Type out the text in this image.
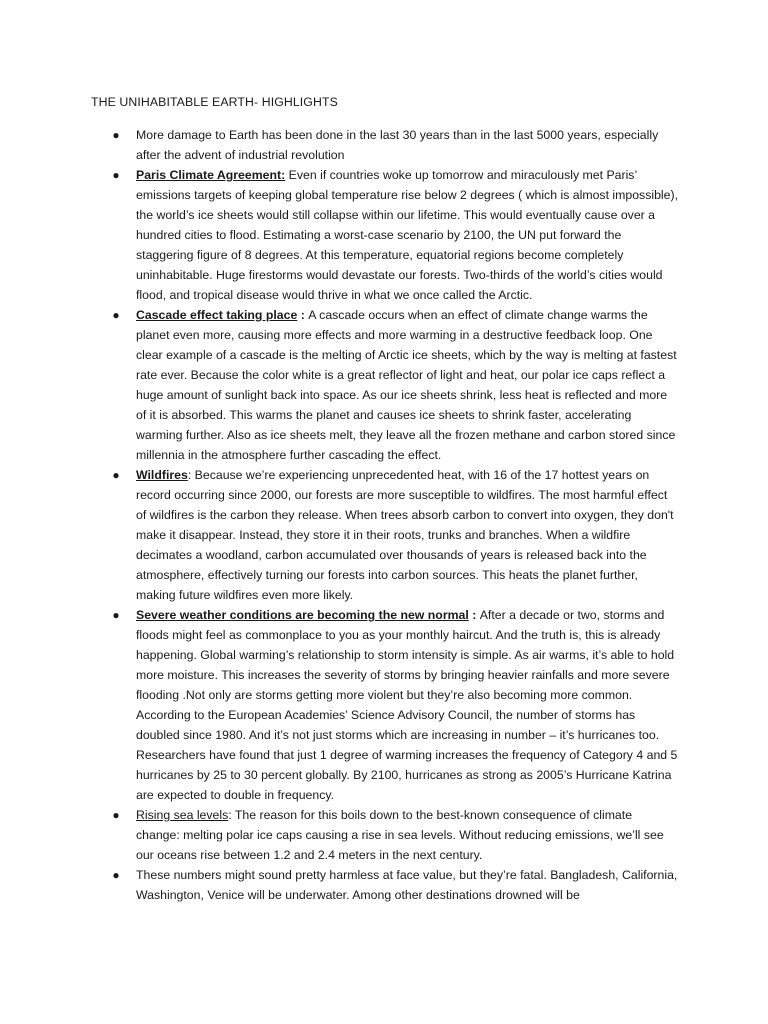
THE UNIHABITABLE EARTH- HIGHLIGHTS
● More damage to Earth has been done in the last 30 years than in the last 5000 years, especially after the advent of industrial revolution
● Paris Climate Agreement: Even if countries woke up tomorrow and miraculously met Paris’ emissions targets of keeping global temperature rise below 2 degrees ( which is almost impossible), the world’s ice sheets would still collapse within our lifetime. This would eventually cause over a hundred cities to flood. Estimating a worst-case scenario by 2100, the UN put forward the staggering figure of 8 degrees. At this temperature, equatorial regions become completely uninhabitable. Huge firestorms would devastate our forests. Two-thirds of the world’s cities would flood, and tropical disease would thrive in what we once called the Arctic.
● Cascade effect taking place : A cascade occurs when an effect of climate change warms the planet even more, causing more effects and more warming in a destructive feedback loop. One clear example of a cascade is the melting of Arctic ice sheets, which by the way is melting at fastest rate ever. Because the color white is a great reflector of light and heat, our polar ice caps reflect a huge amount of sunlight back into space. As our ice sheets shrink, less heat is reflected and more of it is absorbed. This warms the planet and causes ice sheets to shrink faster, accelerating warming further. Also as ice sheets melt, they leave all the frozen methane and carbon stored since millennia in the atmosphere further cascading the effect.
● Wildfires: Because we’re experiencing unprecedented heat, with 16 of the 17 hottest years on record occurring since 2000, our forests are more susceptible to wildfires. The most harmful effect of wildfires is the carbon they release. When trees absorb carbon to convert into oxygen, they don't make it disappear. Instead, they store it in their roots, trunks and branches. When a wildfire decimates a woodland, carbon accumulated over thousands of years is released back into the atmosphere, effectively turning our forests into carbon sources. This heats the planet further, making future wildfires even more likely.
● Severe weather conditions are becoming the new normal : After a decade or two, storms and floods might feel as commonplace to you as your monthly haircut. And the truth is, this is already happening. Global warming’s relationship to storm intensity is simple. As air warms, it’s able to hold more moisture. This increases the severity of storms by bringing heavier rainfalls and more severe flooding .Not only are storms getting more violent but they’re also becoming more common. According to the European Academies’ Science Advisory Council, the number of storms has doubled since 1980. And it’s not just storms which are increasing in number – it’s hurricanes too. Researchers have found that just 1 degree of warming increases the frequency of Category 4 and 5 hurricanes by 25 to 30 percent globally. By 2100, hurricanes as strong as 2005’s Hurricane Katrina are expected to double in frequency.
● Rising sea levels: The reason for this boils down to the best-known consequence of climate change: melting polar ice caps causing a rise in sea levels. Without reducing emissions, we’ll see our oceans rise between 1.2 and 2.4 meters in the next century.
● These numbers might sound pretty harmless at face value, but they’re fatal. Bangladesh, California, Washington, Venice will be underwater. Among other destinations drowned will be
